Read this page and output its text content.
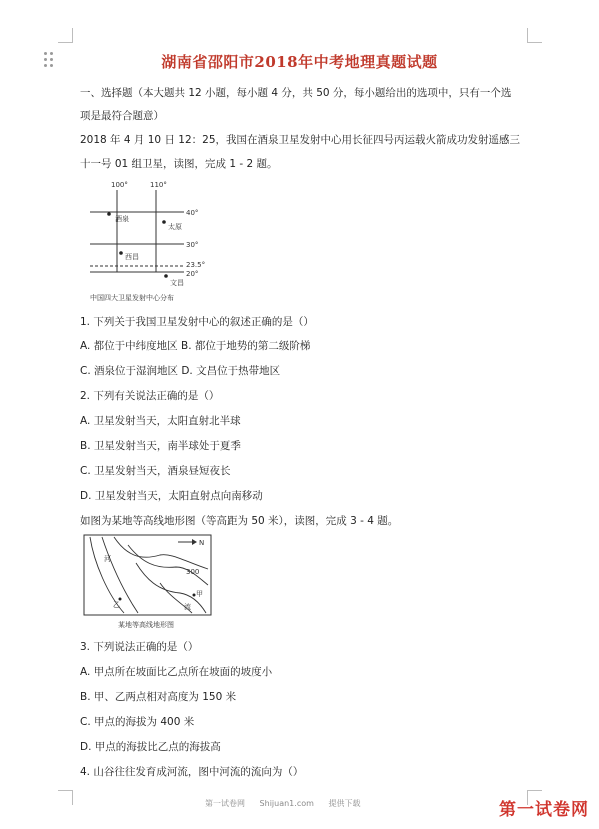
湖南省邵阳市2018年中考地理真题试题
一、选择题（本大题共 12 小题，每小题 4 分，共 50 分，每小题给出的选项中，只有一个选
项是最符合题意）
2018 年 4 月 10 日 12：25，我国在酒泉卫星发射中心用长征四号丙运载火箭成功发射遥感三
十一号 01 组卫星，读图，完成 1 - 2 题。
100°	110°
40°
30°
23.5°
20°
酒泉
太原
西昌
文昌
中国四大卫星发射中心分布
1. 下列关于我国卫星发射中心的叙述正确的是（）
A. 都位于中纬度地区 B. 都位于地势的第二级阶梯
C. 酒泉位于湿润地区 D. 文昌位于热带地区
2. 下列有关说法正确的是（）
A. 卫星发射当天，太阳直射北半球
B. 卫星发射当天，南半球处于夏季
C. 卫星发射当天，酒泉昼短夜长
D. 卫星发射当天，太阳直射点向南移动
如图为某地等高线地形图（等高距为 50 米），读图，完成 3 - 4 题。
N
河
300
乙
甲
流
某地等高线地形图
3. 下列说法正确的是（）
A. 甲点所在坡面比乙点所在坡面的坡度小
B. 甲、乙两点相对高度为 150 米
C. 甲点的海拔为 400 米
D. 甲点的海拔比乙点的海拔高
4. 山谷往往发育成河流，图中河流的流向为（）
第一试卷网 Shijuan1.com 提供下载	第一试卷网
